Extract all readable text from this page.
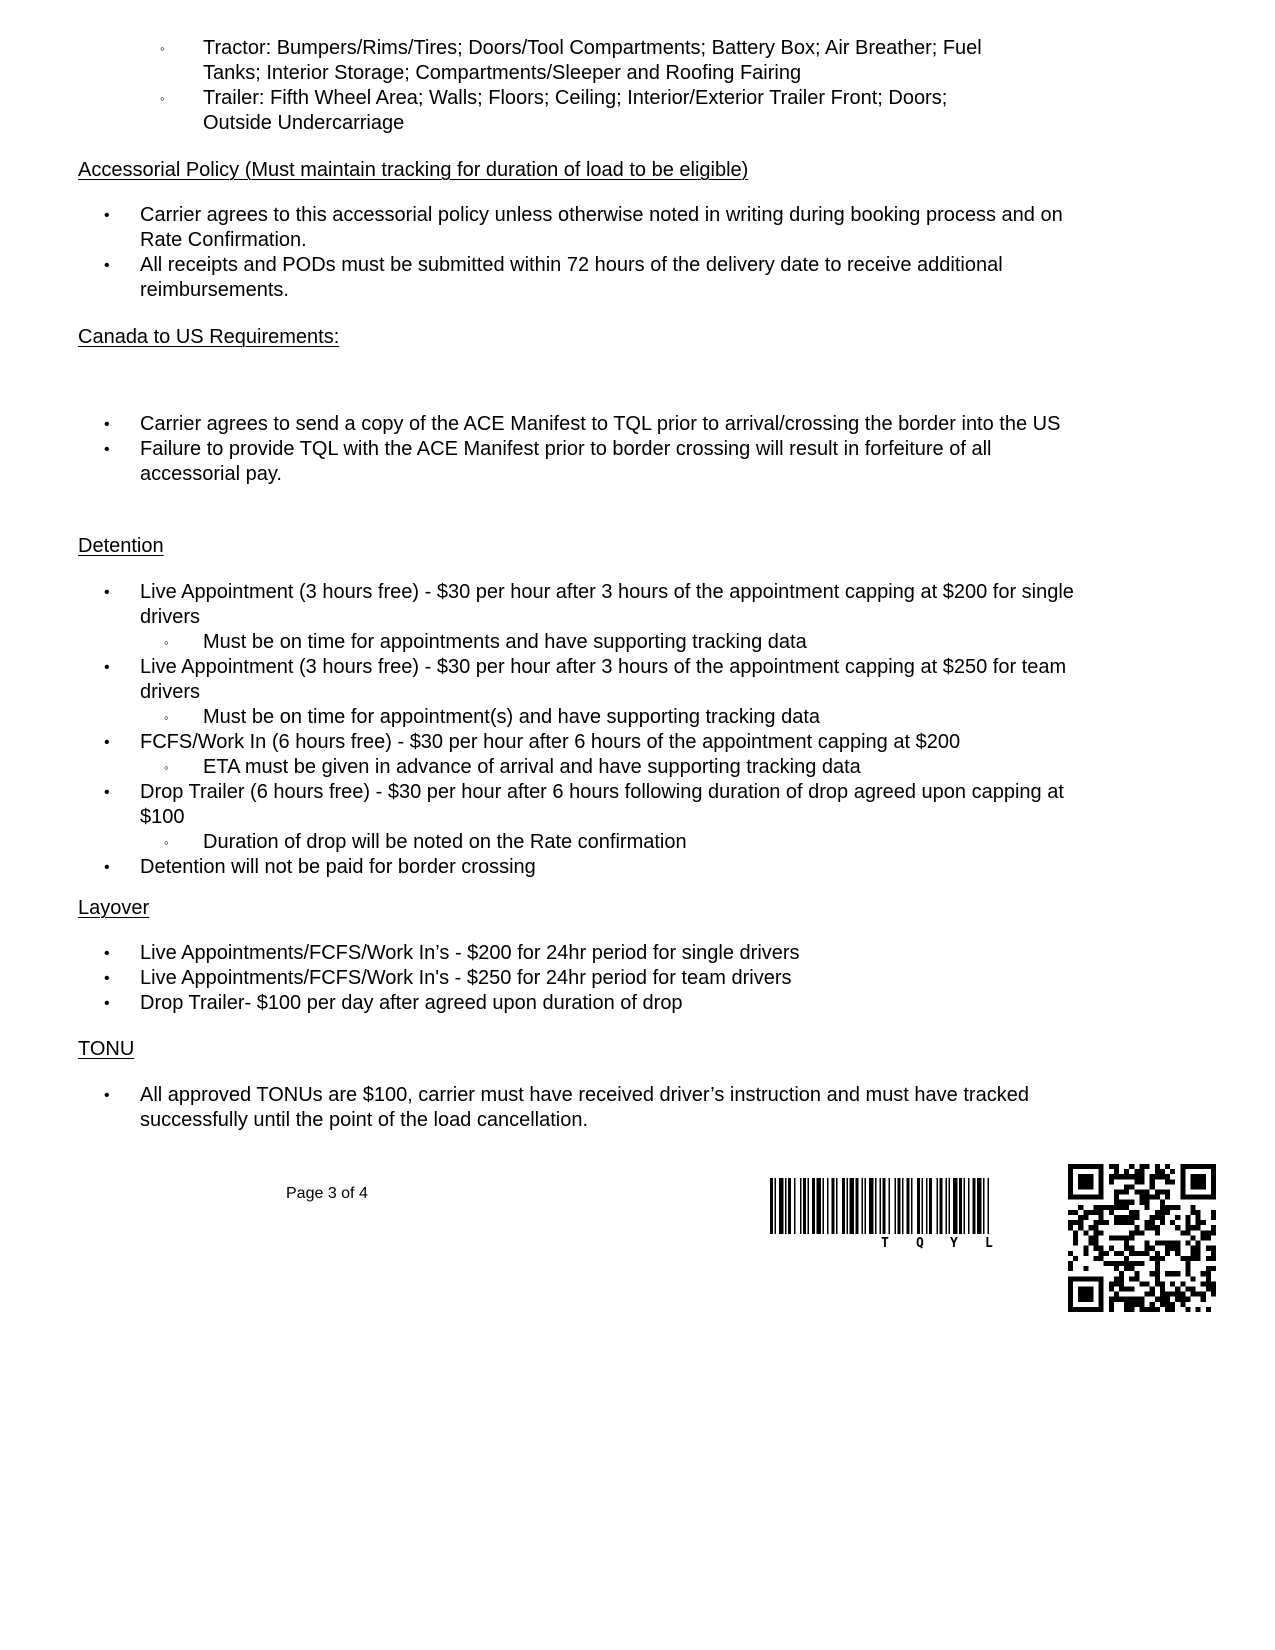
◦ Tractor: Bumpers/Rims/Tires; Doors/Tool Compartments; Battery Box; Air Breather; Fuel
Tanks; Interior Storage; Compartments/Sleeper and Roofing Fairing
◦ Trailer: Fifth Wheel Area; Walls; Floors; Ceiling; Interior/Exterior Trailer Front; Doors;
Outside Undercarriage
Accessorial Policy (Must maintain tracking for duration of load to be eligible)
• Carrier agrees to this accessorial policy unless otherwise noted in writing during booking process and on Rate Confirmation.
• All receipts and PODs must be submitted within 72 hours of the delivery date to receive additional reimbursements.
Canada to US Requirements:
• Carrier agrees to send a copy of the ACE Manifest to TQL prior to arrival/crossing the border into the US
• Failure to provide TQL with the ACE Manifest prior to border crossing will result in forfeiture of all accessorial pay.
Detention
• Live Appointment (3 hours free) - $30 per hour after 3 hours of the appointment capping at $200 for single drivers
◦ Must be on time for appointments and have supporting tracking data
• Live Appointment (3 hours free) - $30 per hour after 3 hours of the appointment capping at $250 for team drivers
◦ Must be on time for appointment(s) and have supporting tracking data
• FCFS/Work In (6 hours free) - $30 per hour after 6 hours of the appointment capping at $200
◦ ETA must be given in advance of arrival and have supporting tracking data
• Drop Trailer (6 hours free) - $30 per hour after 6 hours following duration of drop agreed upon capping at $100
◦ Duration of drop will be noted on the Rate confirmation
• Detention will not be paid for border crossing
Layover
• Live Appointments/FCFS/Work In’s - $200 for 24hr period for single drivers
• Live Appointments/FCFS/Work In's - $250 for 24hr period for team drivers
• Drop Trailer- $100 per day after agreed upon duration of drop
TONU
• All approved TONUs are $100, carrier must have received driver’s instruction and must have tracked successfully until the point of the load cancellation.
Page 3 of 4
T Q Y L
